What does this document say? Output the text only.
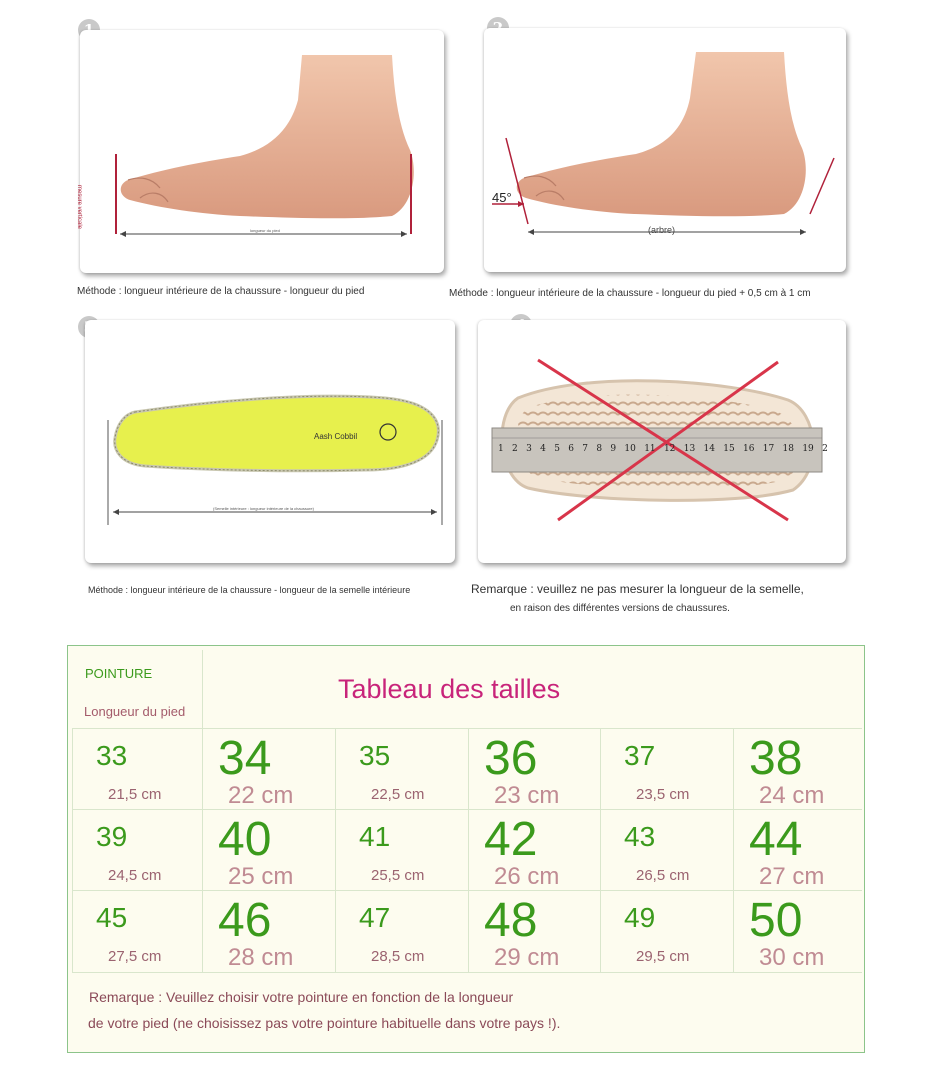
mesure verticale
longueur du pied
Méthode : longueur intérieure de la chaussure - longueur du pied
45°
(arbre)
Méthode : longueur intérieure de la chaussure - longueur du pied + 0,5 cm à 1 cm
Aash Cobbil
(Semelle intérieure : longueur intérieure de la chaussure)
Méthode : longueur intérieure de la chaussure - longueur de la semelle intérieure
1 2 3 4 5 6 7 8 9 10 11 12 13 14 15 16 17 18 19 2
Remarque : veuillez ne pas mesurer la longueur de la semelle,
en raison des différentes versions de chaussures.
POINTURE
Longueur du pied
Tableau des tailles
33
21,5 cm
34
22 cm
35
22,5 cm
36
23 cm
37
23,5 cm
38
24 cm
39
24,5 cm
40
25 cm
41
25,5 cm
42
26 cm
43
26,5 cm
44
27 cm
45
27,5 cm
46
28 cm
47
28,5 cm
48
29 cm
49
29,5 cm
50
30 cm
Remarque : Veuillez choisir votre pointure en fonction de la longueur
de votre pied (ne choisissez pas votre pointure habituelle dans votre pays !).
